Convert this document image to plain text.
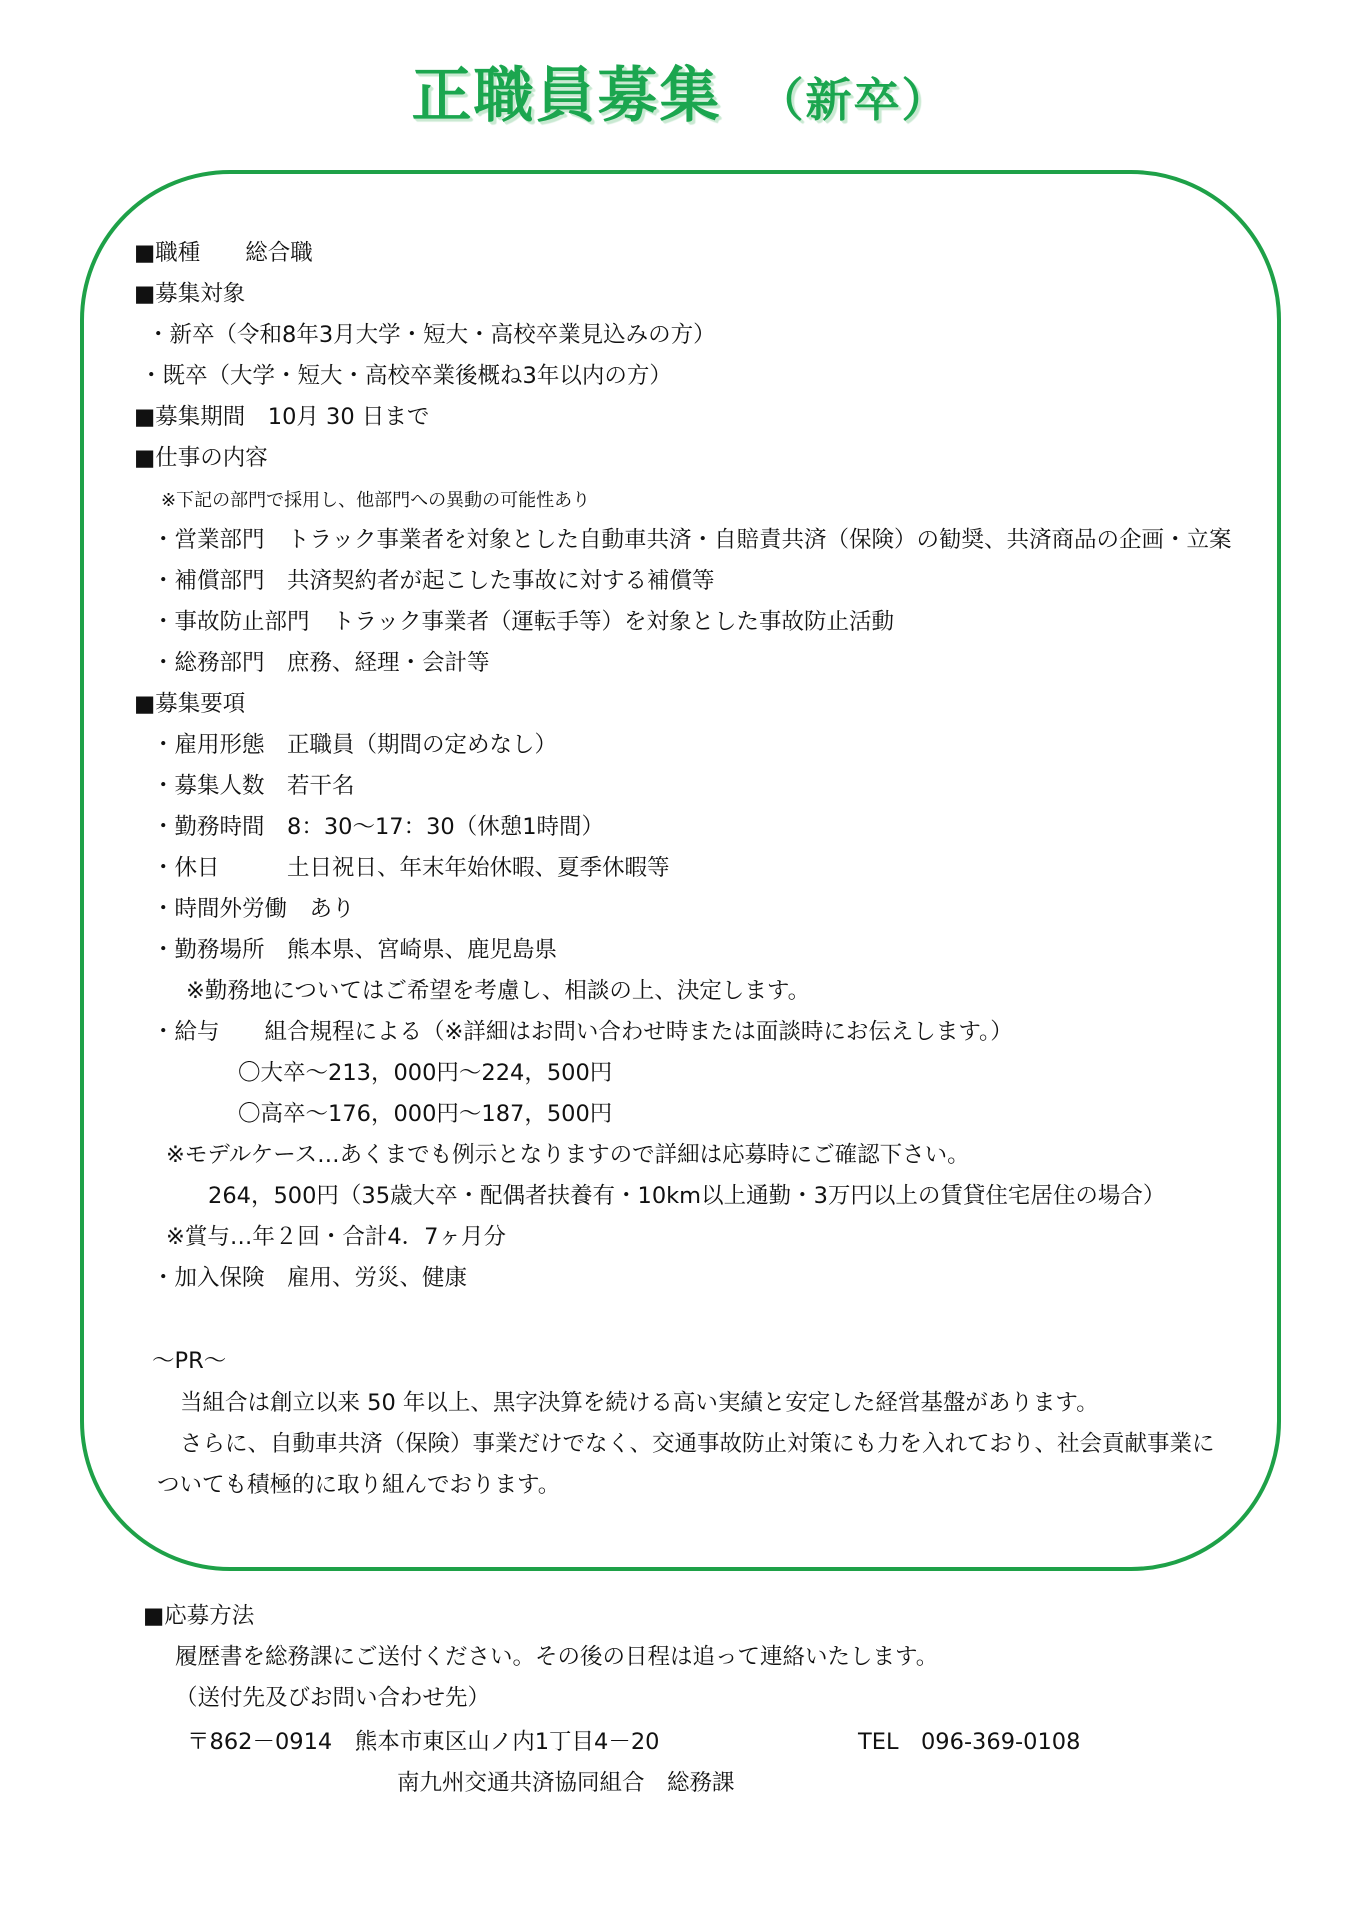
正職員募集 （新卒）
■職種　　総合職
■募集対象
・新卒（令和8年3月大学・短大・高校卒業見込みの方）
・既卒（大学・短大・高校卒業後概ね3年以内の方）
■募集期間　10月 30 日まで
■仕事の内容
※下記の部門で採用し、他部門への異動の可能性あり
・営業部門　トラック事業者を対象とした自動車共済・自賠責共済（保険）の勧奨、共済商品の企画・立案
・補償部門　共済契約者が起こした事故に対する補償等
・事故防止部門　トラック事業者（運転手等）を対象とした事故防止活動
・総務部門　庶務、経理・会計等
■募集要項
・雇用形態　正職員（期間の定めなし）
・募集人数　若干名
・勤務時間　8：30～17：30（休憩1時間）
・休日　　　土日祝日、年末年始休暇、夏季休暇等
・時間外労働　あり
・勤務場所　熊本県、宮崎県、鹿児島県
※勤務地についてはご希望を考慮し、相談の上、決定します。
・給与　　組合規程による（※詳細はお問い合わせ時または面談時にお伝えします。）
〇大卒～213，000円～224，500円
〇高卒～176，000円～187，500円
※モデルケース…あくまでも例示となりますので詳細は応募時にご確認下さい。
264，500円（35歳大卒・配偶者扶養有・10km以上通勤・3万円以上の賃貸住宅居住の場合）
※賞与…年２回・合計4．7ヶ月分
・加入保険　雇用、労災、健康
～PR～
当組合は創立以来 50 年以上、黒字決算を続ける高い実績と安定した経営基盤があります。
さらに、自動車共済（保険）事業だけでなく、交通事故防止対策にも力を入れており、社会貢献事業に
ついても積極的に取り組んでおります。
■応募方法
履歴書を総務課にご送付ください。その後の日程は追って連絡いたします。
（送付先及びお問い合わせ先）
〒862－0914　熊本市東区山ノ内1丁目4－20	TEL　096-369-0108
南九州交通共済協同組合　総務課
